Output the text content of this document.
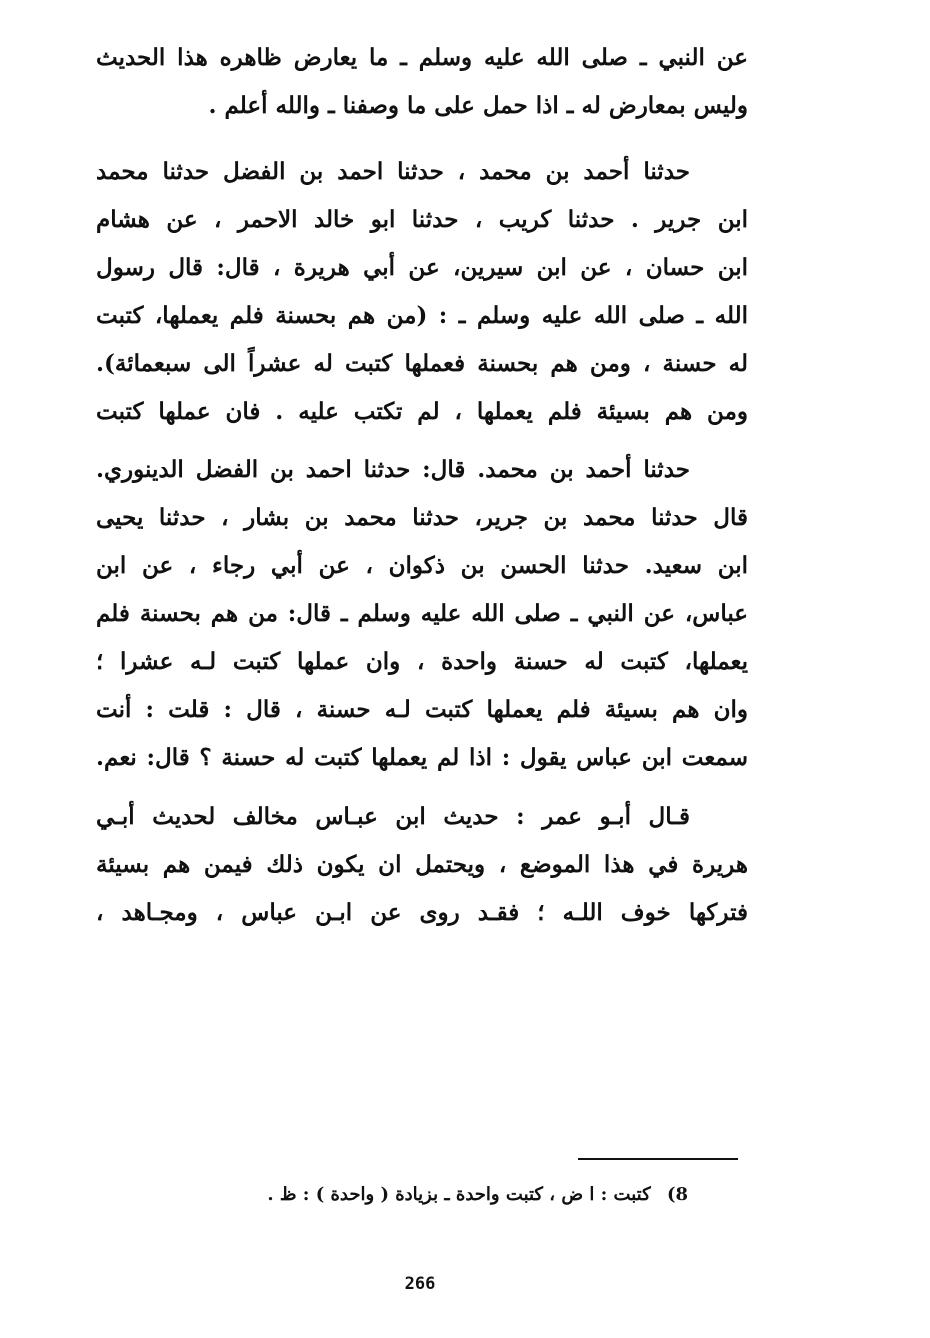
عن النبي ـ صلى الله عليه وسلم ـ ما يعارض ظاهره هذا الحديث
وليس بمعارض له ـ اذا حمل على ما وصفنا ـ والله أعلم .
حدثنا أحمد بن محمد ، حدثنا احمد بن الفضل حدثنا محمد
ابن جرير . حدثنا كريب ، حدثنا ابو خالد الاحمر ، عن هشام
ابن حسان ، عن ابن سيرين، عن أبي هريرة ، قال: قال رسول
الله ـ صلى الله عليه وسلم ـ : (من هم بحسنة فلم يعملها، كتبت
له حسنة ، ومن هم بحسنة فعملها كتبت له عشراً الى سبعمائة).
ومن هم بسيئة فلم يعملها ، لم تكتب عليه . فان عملها كتبت
حدثنا أحمد بن محمد. قال: حدثنا احمد بن الفضل الدينوري.
قال حدثنا محمد بن جرير، حدثنا محمد بن بشار ، حدثنا يحيى
ابن سعيد. حدثنا الحسن بن ذكوان ، عن أبي رجاء ، عن ابن
عباس، عن النبي ـ صلى الله عليه وسلم ـ قال: من هم بحسنة فلم
يعملها، كتبت له حسنة واحدة ، وان عملها كتبت لـه عشرا ؛
وان هم بسيئة فلم يعملها كتبت لـه حسنة ، قال : قلت : أنت
سمعت ابن عباس يقول : اذا لم يعملها كتبت له حسنة ؟ قال: نعم.
قـال أبـو عمر : حديث ابن عبـاس مخالف لحديث أبـي
هريرة في هذا الموضع ، ويحتمل ان يكون ذلك فيمن هم بسيئة
فتركها خوف اللـه ؛ فقـد روى عن ابـن عباس ، ومجـاهد ،
8) كتبت : ا ض ، كتبت واحدة ـ بزيادة ( واحدة ) : ظ .
266
